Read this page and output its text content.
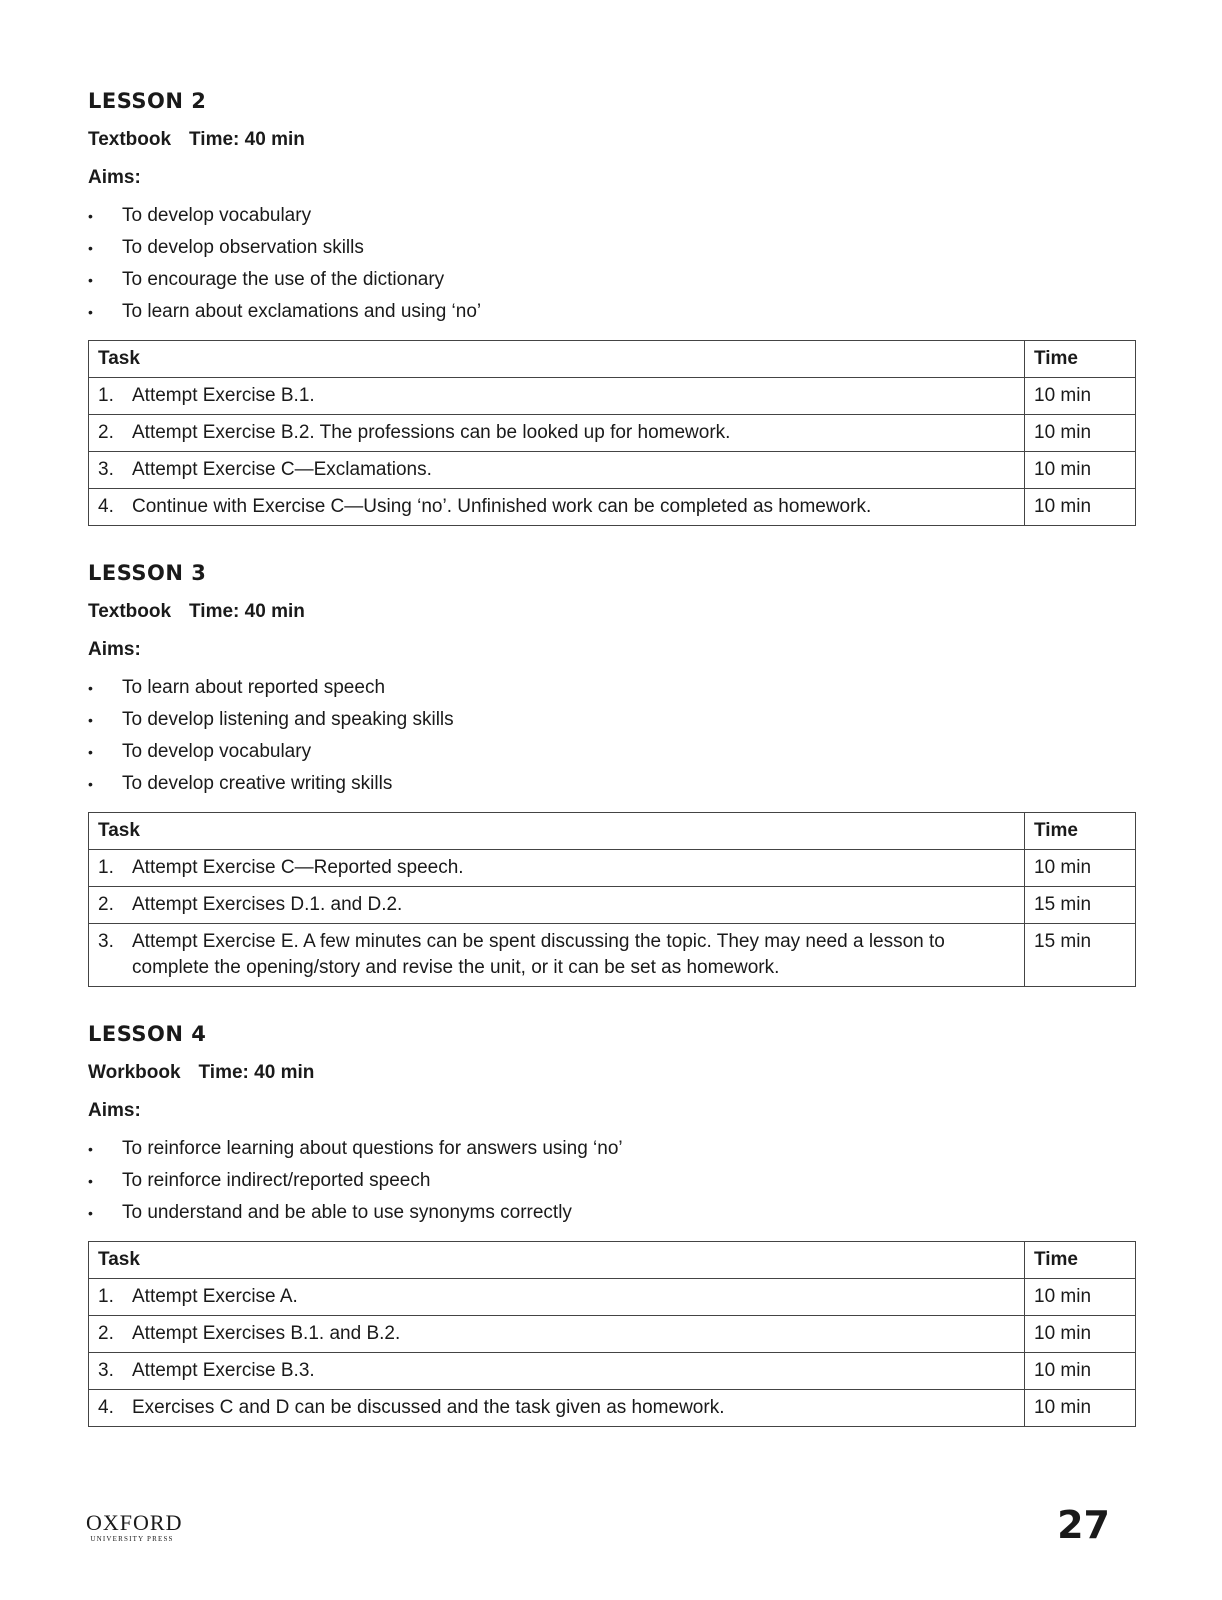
LESSON 2
Textbook Time: 40 min
Aims:
• To develop vocabulary
• To develop observation skills
• To encourage the use of the dictionary
• To learn about exclamations and using ‘no’
Task	Time

1. Attempt Exercise B.1.	10 min

2. Attempt Exercise B.2. The professions can be looked up for homework.	10 min

3. Attempt Exercise C—Exclamations.	10 min

4. Continue with Exercise C—Using ‘no’. Unfinished work can be completed as homework.	10 min
LESSON 3
Textbook Time: 40 min
Aims:
• To learn about reported speech
• To develop listening and speaking skills
• To develop vocabulary
• To develop creative writing skills
Task	Time

1. Attempt Exercise C—Reported speech.	10 min

2. Attempt Exercises D.1. and D.2.	15 min

3. Attempt Exercise E. A few minutes can be spent discussing the topic. They may need a lesson to complete the opening/story and revise the unit, or it can be set as homework.	15 min
LESSON 4
Workbook Time: 40 min
Aims:
• To reinforce learning about questions for answers using ‘no’
• To reinforce indirect/reported speech
• To understand and be able to use synonyms correctly
Task	Time

1. Attempt Exercise A.	10 min

2. Attempt Exercises B.1. and B.2.	10 min

3. Attempt Exercise B.3.	10 min

4. Exercises C and D can be discussed and the task given as homework.	10 min
OXFORD
UNIVERSITY PRESS	27
